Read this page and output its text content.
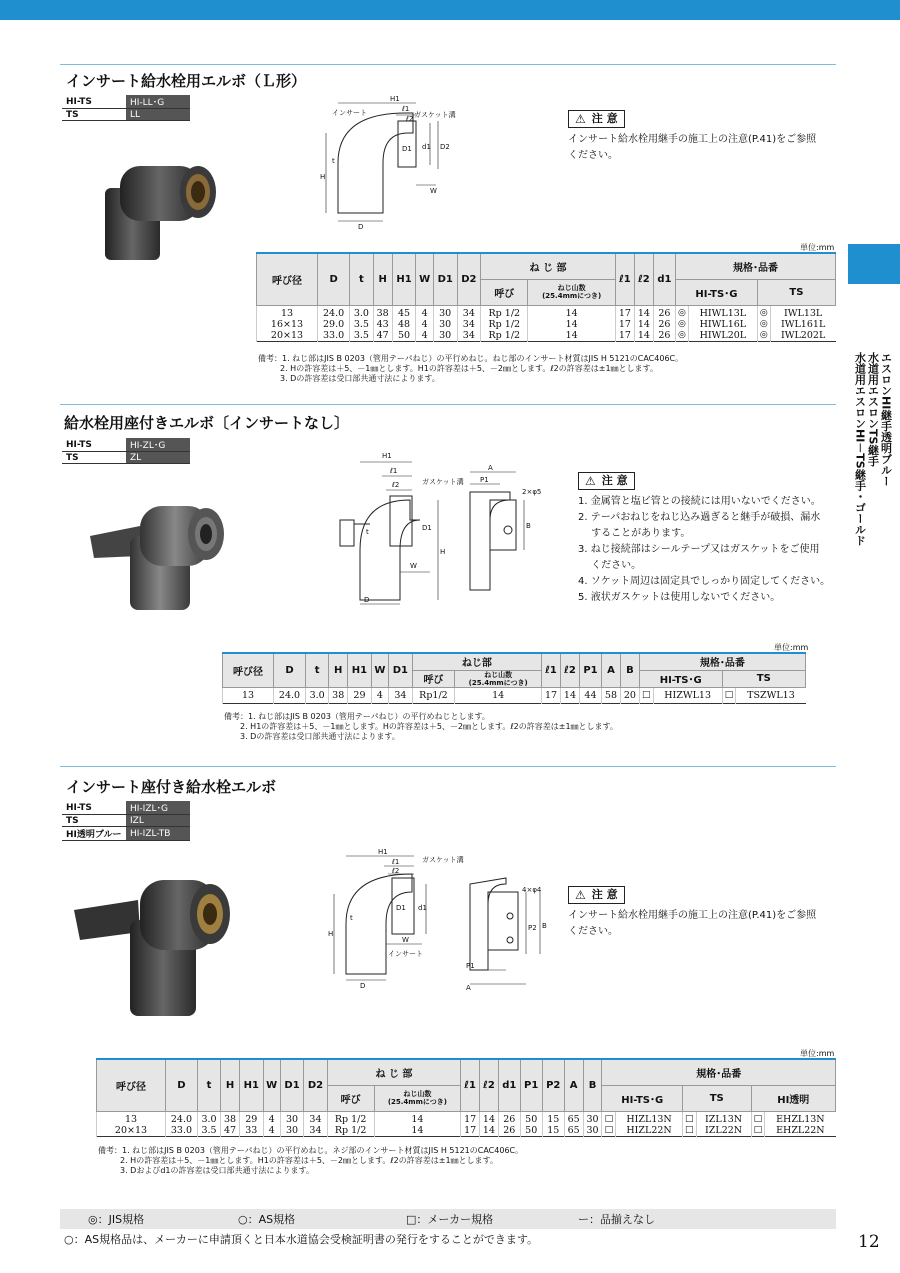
エスロンHI継手透明ブルー
水道用エスロンTS継手
水道用エスロンHI－TS継手・ゴールド
インサート給水栓用エルボ（Ｌ形）
HI-TS	HI-LL･G
TS	LL	インサート
H1
ℓ1
ℓ2 ガスケット溝
d1 D2
D1
H
W
t
D
⚠ 注 意
インサート給水栓用継手の施工上の注意(P.41)をご参照
ください。
単位:mm
呼び径	D	t	H	H1	W	D1	D2	ね じ 部		ℓ1	ℓ2	d1	規格･品番			
								呼び	ねじ山数
(25.4mmにつき)				HI-TS･G		TS	
13	24.0	3.0	38	45	4	30	34	Rp 1/2	14	17	14	26	◎	HIWL13L	◎	IWL13L
16×13	29.0	3.5	43	48	4	30	34	Rp 1/2	14	17	14	26	◎	HIWL16L	◎	IWL161L
20×13	33.0	3.5	47	50	4	30	34	Rp 1/2	14	17	14	26	◎	HIWL20L	◎	IWL202L
備考：1. ねじ部はJIS B 0203（管用テーパねじ）の平行めねじ。ねじ部のインサート材質はJIS H 5121のCAC406C。
2. Hの許容差は＋5、－1㎜とします。H1の許容差は＋5、－2㎜とします。ℓ2の許容差は±1㎜とします。
3. Dの許容差は受口部共通寸法によります。
給水栓用座付きエルボ〔インサートなし〕
HI-TS	HI-ZL･G
TS	ZL	H1
ℓ1
ℓ2	ガスケット溝
A
P1
2×φ5
t	D1
H
W
D
B
⚠ 注 意
1. 金属管と塩ビ管との接続には用いないでください。
2. テーパおねじをねじ込み過ぎると継手が破損、漏水
　 することがあります。
3. ねじ接続部はシールテープ又はガスケットをご使用
　 ください。
4. ソケット周辺は固定具でしっかり固定してください。
5. 液状ガスケットは使用しないでください。
単位:mm
呼び径	D	t	H	H1	W	D1	ねじ部		ℓ1	ℓ2	P1	A	B	規格･品番			
							呼び	ねじ山数
(25.4mmにつき)						HI-TS･G		TS	
13	24.0	3.0	38	29	4	34	Rp1/2	14	17	14	44	58	20	□	HIZWL13	□	TSZWL13
備考：1. ねじ部はJIS B 0203（管用テーパねじ）の平行めねじとします。
2. H1の許容差は＋5、－1㎜とします。Hの許容差は＋5、－2㎜とします。ℓ2の許容差は±1㎜とします。
3. Dの許容差は受口部共通寸法によります。
インサート座付き給水栓エルボ
HI-TS	HI-IZL･G
TS	IZL
HI透明ブルー	HI-IZL-TB
H1
ℓ1
ℓ2
ガスケット溝
4×φ4
d1
D1
H
t
W
D
インサート
B
P2
P1
A
⚠ 注 意
インサート給水栓用継手の施工上の注意(P.41)をご参照
ください。
単位:mm
呼び径	D	t	H	H1	W	D1	D2	ね じ 部		ℓ1	ℓ2	d1	P1	P2	A	B	規格･品番					
								呼び	ねじ山数
(25.4mmにつき)								HI-TS･G		TS		HI透明	
13	24.0	3.0	38	29	4	30	34	Rp 1/2	14	17	14	26	50	15	65	30	□	HIZL13N	□	IZL13N	□	EHZL13N
20×13	33.0	3.5	47	33	4	30	34	Rp 1/2	14	17	14	26	50	15	65	30	□	HIZL22N	□	IZL22N	□	EHZL22N
備考：1. ねじ部はJIS B 0203（管用テーパねじ）の平行めねじ。ネジ部のインサート材質はJIS H 5121のCAC406C。
2. Hの許容差は＋5、－1㎜とします。H1の許容差は＋5、－2㎜とします。ℓ2の許容差は±1㎜とします。
3. Dおよびd1の許容差は受口部共通寸法によります。
◎：JIS規格	○：AS規格	□：メーカー規格	ー：品揃えなし
○：AS規格品は、メーカーに申請頂くと日本水道協会受検証明書の発行をすることができます。	12
